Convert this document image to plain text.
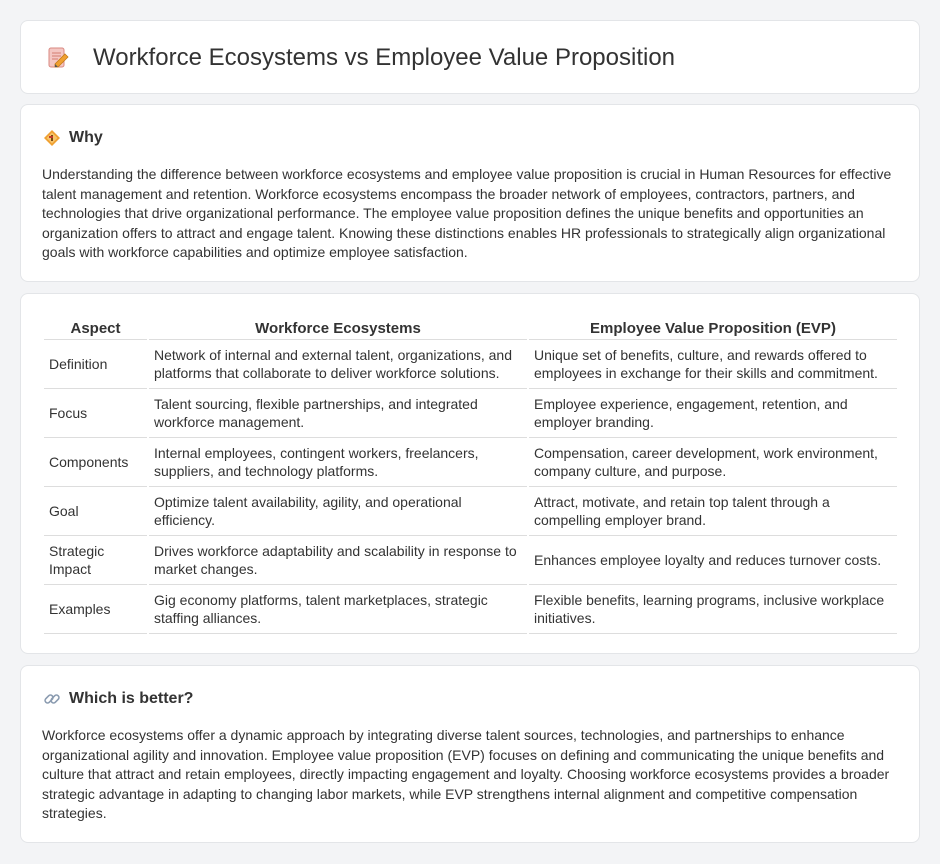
Workforce Ecosystems vs Employee Value Proposition
Why

Understanding the difference between workforce ecosystems and employee value proposition is crucial in Human Resources for effective talent management and retention. Workforce ecosystems encompass the broader network of employees, contractors, partners, and technologies that drive organizational performance. The employee value proposition defines the unique benefits and opportunities an organization offers to attract and engage talent. Knowing these distinctions enables HR professionals to strategically align organizational goals with workforce capabilities and optimize employee satisfaction.

Aspect	Workforce Ecosystems	Employee Value Proposition (EVP)
Definition	Network of internal and external talent, organizations, and platforms that collaborate to deliver workforce solutions.	Unique set of benefits, culture, and rewards offered to employees in exchange for their skills and commitment.
Focus	Talent sourcing, flexible partnerships, and integrated workforce management.	Employee experience, engagement, retention, and employer branding.
Components	Internal employees, contingent workers, freelancers, suppliers, and technology platforms.	Compensation, career development, work environment, company culture, and purpose.
Goal	Optimize talent availability, agility, and operational efficiency.	Attract, motivate, and retain top talent through a compelling employer brand.
Strategic Impact	Drives workforce adaptability and scalability in response to market changes.	Enhances employee loyalty and reduces turnover costs.
Examples	Gig economy platforms, talent marketplaces, strategic staffing alliances.	Flexible benefits, learning programs, inclusive workplace initiatives.
Which is better?

Workforce ecosystems offer a dynamic approach by integrating diverse talent sources, technologies, and partnerships to enhance organizational agility and innovation. Employee value proposition (EVP) focuses on defining and communicating the unique benefits and culture that attract and retain employees, directly impacting engagement and loyalty. Choosing workforce ecosystems provides a broader strategic advantage in adapting to changing labor markets, while EVP strengthens internal alignment and competitive compensation strategies.
